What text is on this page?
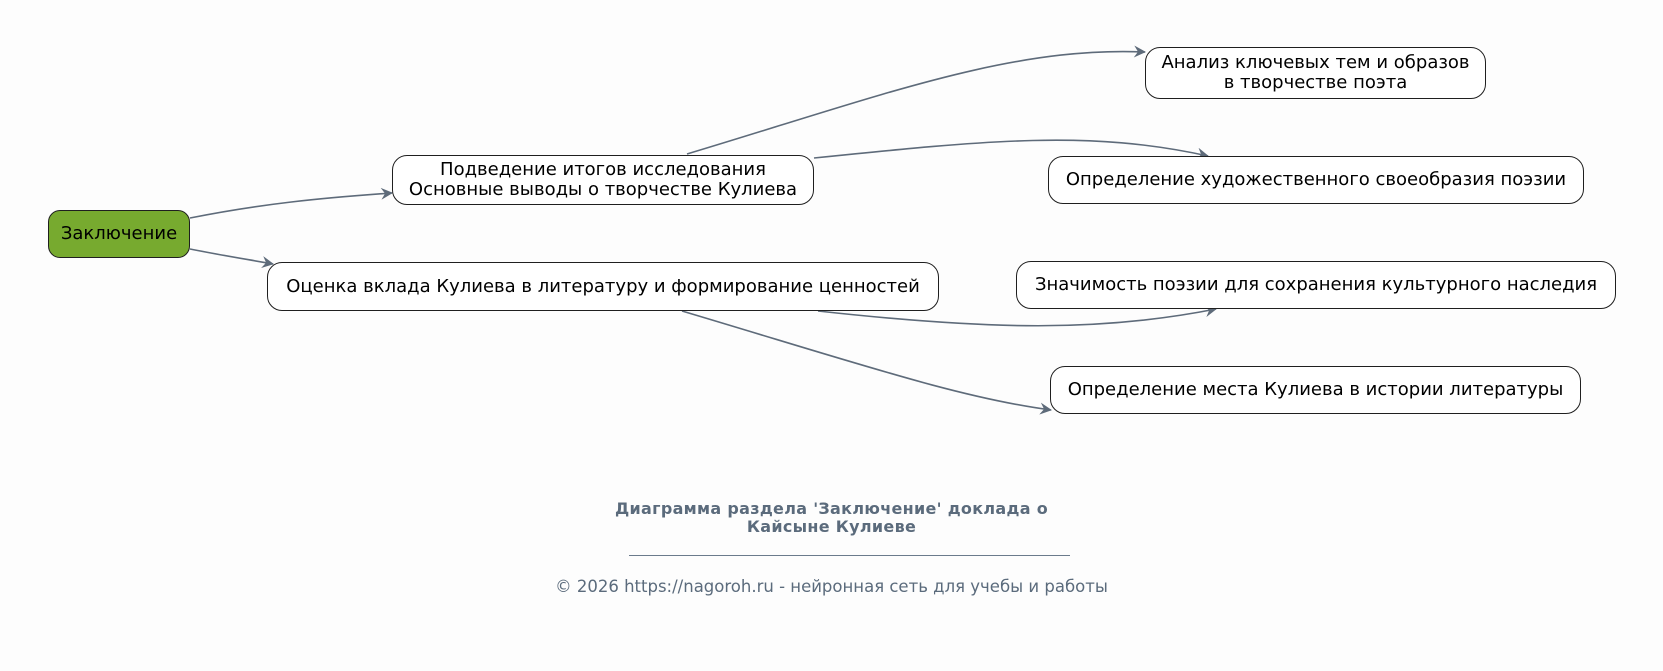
Заключение
Подведение итогов исследования
Основные выводы о творчестве Кулиева
Оценка вклада Кулиева в литературу и формирование ценностей
Анализ ключевых тем и образов
в творчестве поэта
Определение художественного своеобразия поэзии
Значимость поэзии для сохранения культурного наследия
Определение места Кулиева в истории литературы
Диаграмма раздела 'Заключение' доклада о
Кайсыне Кулиеве
© 2026 https://nagoroh.ru - нейронная сеть для учебы и работы
